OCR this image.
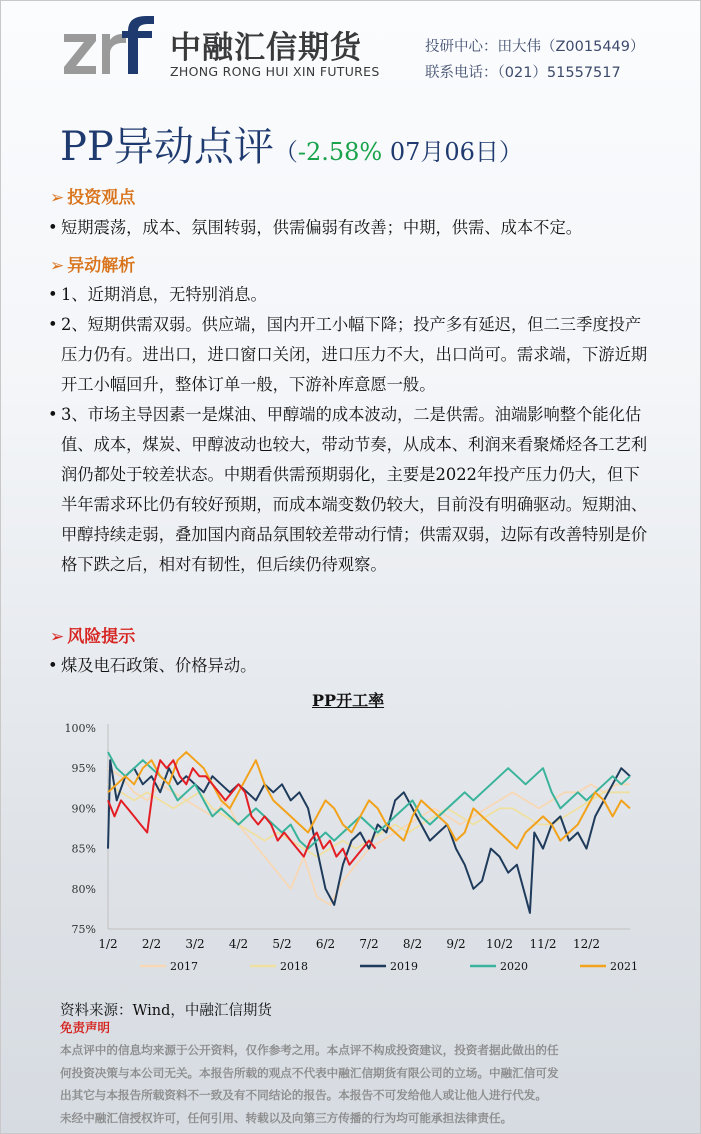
中融汇信期货
ZHONG RONG HUI XIN FUTURES
投研中心：田大伟（Z0015449）
联系电话：（021）51557517
PP异动点评（-2.58% 07月06日）
➢ 投资观点
• 短期震荡，成本、氛围转弱，供需偏弱有改善；中期，供需、成本不定。
➢ 异动解析
• 1、近期消息，无特别消息。
• 2、短期供需双弱。供应端，国内开工小幅下降；投产多有延迟，但二三季度投产压力仍有。进出口，进口窗口关闭，进口压力不大，出口尚可。需求端，下游近期开工小幅回升，整体订单一般，下游补库意愿一般。
• 3、市场主导因素一是煤油、甲醇端的成本波动，二是供需。油端影响整个能化估值、成本，煤炭、甲醇波动也较大，带动节奏，从成本、利润来看聚烯烃各工艺利润仍都处于较差状态。中期看供需预期弱化，主要是2022年投产压力仍大，但下半年需求环比仍有较好预期，而成本端变数仍较大，目前没有明确驱动。短期油、甲醇持续走弱，叠加国内商品氛围较差带动行情；供需双弱，边际有改善特别是价格下跌之后，相对有韧性，但后续仍待观察。
➢ 风险提示
• 煤及电石政策、价格异动。
PP开工率
75%
80%
85%
90%
95%
100%
1/2 2/2 3/2 4/2 5/2 6/2 7/2 8/2 9/2 10/2 11/2 12/2
2017	2018	2019	2020	2021
资料来源：Wind，中融汇信期货
免责声明
本点评中的信息均来源于公开资料，仅作参考之用。本点评不构成投资建议，投资者据此做出的任
何投资决策与本公司无关。本报告所载的观点不代表中融汇信期货有限公司的立场。中融汇信可发
出其它与本报告所载资料不一致及有不同结论的报告。本报告不可发给他人或让他人进行代发。
未经中融汇信授权许可，任何引用、转载以及向第三方传播的行为均可能承担法律责任。
